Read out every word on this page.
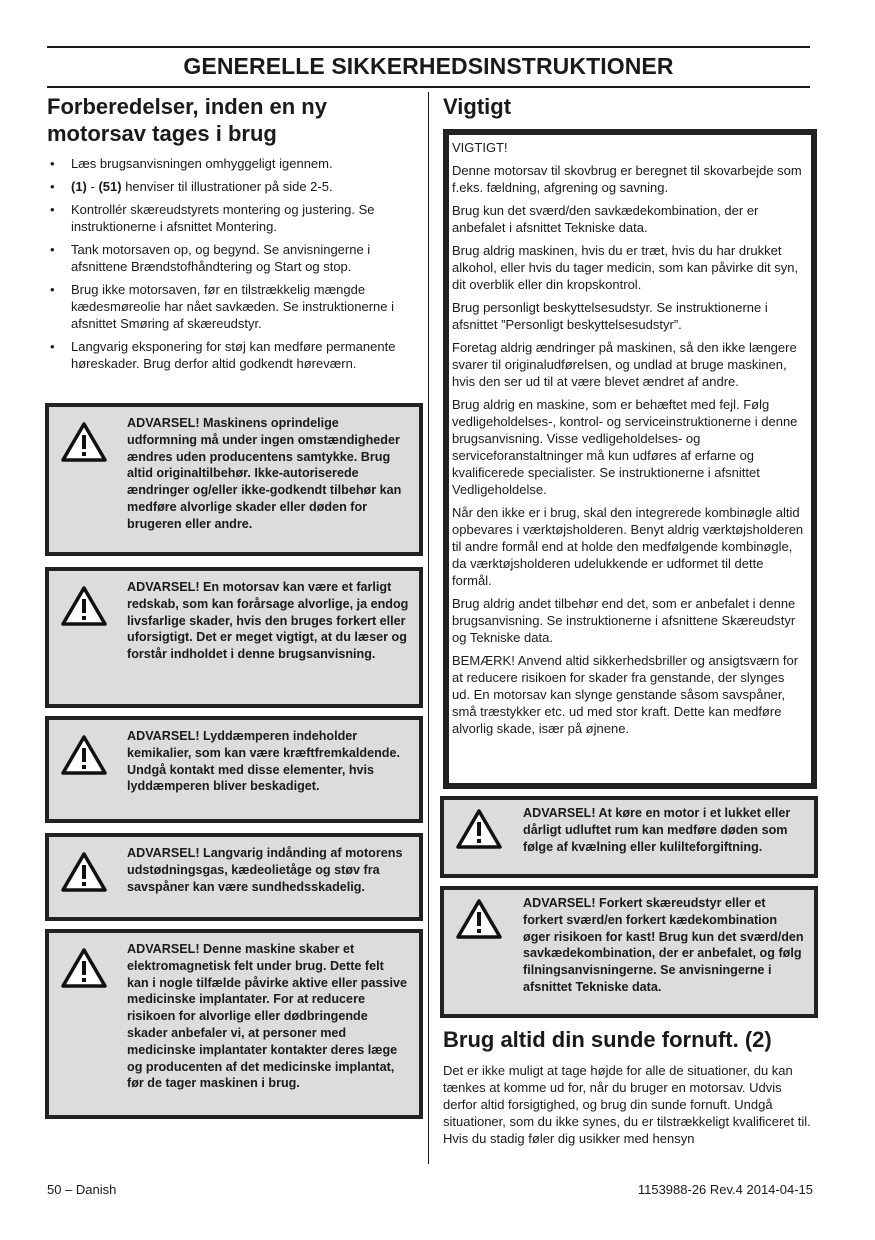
GENERELLE SIKKERHEDSINSTRUKTIONER
Forberedelser, inden en ny motorsav tages i brug
• Læs brugsanvisningen omhyggeligt igennem.
• (1) - (51) henviser til illustrationer på side 2-5.
• Kontrollér skæreudstyrets montering og justering. Se instruktionerne i afsnittet Montering.
• Tank motorsaven op, og begynd. Se anvisningerne i afsnittene Brændstofhåndtering og Start og stop.
• Brug ikke motorsaven, før en tilstrækkelig mængde kædesmøreolie har nået savkæden. Se instruktionerne i afsnittet Smøring af skæreudstyr.
• Langvarig eksponering for støj kan medføre permanente høreskader. Brug derfor altid godkendt høreværn.

ADVARSEL! Maskinens oprindelige udformning må under ingen omstændigheder ændres uden producentens samtykke. Brug altid originaltilbehør. Ikke-autoriserede ændringer og/eller ikke-godkendt tilbehør kan medføre alvorlige skader eller døden for brugeren eller andre.

ADVARSEL! En motorsav kan være et farligt redskab, som kan forårsage alvorlige, ja endog livsfarlige skader, hvis den bruges forkert eller uforsigtigt. Det er meget vigtigt, at du læser og forstår indholdet i denne brugsanvisning.

ADVARSEL! Lyddæmperen indeholder kemikalier, som kan være kræftfremkaldende. Undgå kontakt med disse elementer, hvis lyddæmperen bliver beskadiget.

ADVARSEL! Langvarig indånding af motorens udstødningsgas, kædeolietåge og støv fra savspåner kan være sundhedsskadelig.

ADVARSEL! Denne maskine skaber et elektromagnetisk felt under brug. Dette felt kan i nogle tilfælde påvirke aktive eller passive medicinske implantater. For at reducere risikoen for alvorlige eller dødbringende skader anbefaler vi, at personer med medicinske implantater kontakter deres læge og producenten af det medicinske implantat, før de tager maskinen i brug.

Vigtigt

VIGTIGT!

Denne motorsav til skovbrug er beregnet til skovarbejde som f.eks. fældning, afgrening og savning.

Brug kun det sværd/den savkædekombination, der er anbefalet i afsnittet Tekniske data.

Brug aldrig maskinen, hvis du er træt, hvis du har drukket alkohol, eller hvis du tager medicin, som kan påvirke dit syn, dit overblik eller din kropskontrol.

Brug personligt beskyttelsesudstyr. Se instruktionerne i afsnittet ”Personligt beskyttelsesudstyr”.

Foretag aldrig ændringer på maskinen, så den ikke længere svarer til originaludførelsen, og undlad at bruge maskinen, hvis den ser ud til at være blevet ændret af andre.

Brug aldrig en maskine, som er behæftet med fejl. Følg vedligeholdelses-, kontrol- og serviceinstruktionerne i denne brugsanvisning. Visse vedligeholdelses- og serviceforanstaltninger må kun udføres af erfarne og kvalificerede specialister. Se instruktionerne i afsnittet Vedligeholdelse.

Når den ikke er i brug, skal den integrerede kombinøgle altid opbevares i værktøjsholderen. Benyt aldrig værktøjsholderen til andre formål end at holde den medfølgende kombinøgle, da værktøjsholderen udelukkende er udformet til dette formål.

Brug aldrig andet tilbehør end det, som er anbefalet i denne brugsanvisning. Se instruktionerne i afsnittene Skæreudstyr og Tekniske data.

BEMÆRK! Anvend altid sikkerhedsbriller og ansigtsværn for at reducere risikoen for skader fra genstande, der slynges ud. En motorsav kan slynge genstande såsom savspåner, små træstykker etc. ud med stor kraft. Dette kan medføre alvorlig skade, især på øjnene.

ADVARSEL! At køre en motor i et lukket eller dårligt udluftet rum kan medføre døden som følge af kvælning eller kulilteforgiftning.

ADVARSEL! Forkert skæreudstyr eller et forkert sværd/en forkert kædekombination øger risikoen for kast! Brug kun det sværd/den savkædekombination, der er anbefalet, og følg filningsanvisningerne. Se anvisningerne i afsnittet Tekniske data.

Brug altid din sunde fornuft. (2)

Det er ikke muligt at tage højde for alle de situationer, du kan tænkes at komme ud for, når du bruger en motorsav. Udvis derfor altid forsigtighed, og brug din sunde fornuft. Undgå situationer, som du ikke synes, du er tilstrækkeligt kvalificeret til. Hvis du stadig føler dig usikker med hensyn

50 – Danish	1153988-26 Rev.4 2014-04-15
